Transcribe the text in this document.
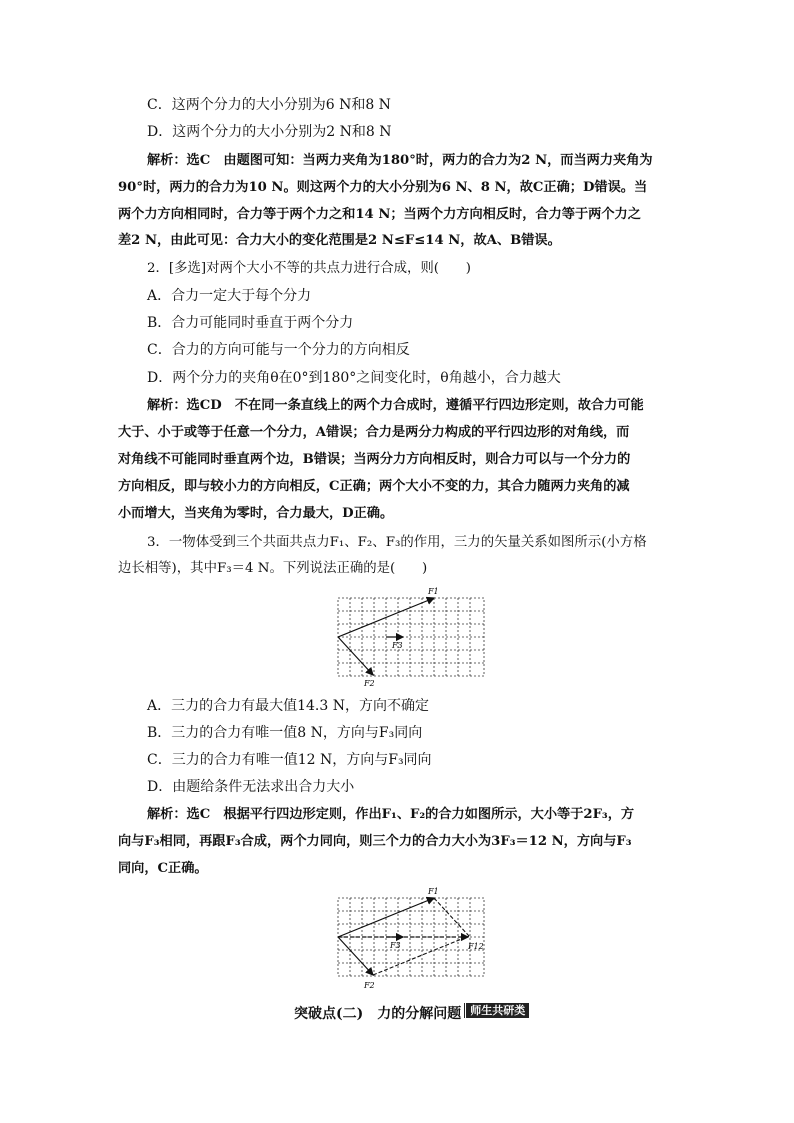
C．这两个分力的大小分别为6 N和8 N
D．这两个分力的大小分别为2 N和8 N
解析：选C　由题图可知：当两力夹角为180°时，两力的合力为2 N，而当两力夹角为
90°时，两力的合力为10 N。则这两个力的大小分别为6 N、8 N，故C正确；D错误。当
两个力方向相同时，合力等于两个力之和14 N；当两个力方向相反时，合力等于两个力之
差2 N，由此可见：合力大小的变化范围是2 N≤F≤14 N，故A、B错误。
2．[多选]对两个大小不等的共点力进行合成，则(　　)
A．合力一定大于每个分力
B．合力可能同时垂直于两个分力
C．合力的方向可能与一个分力的方向相反
D．两个分力的夹角θ在0°到180°之间变化时，θ角越小，合力越大
解析：选CD　不在同一条直线上的两个力合成时，遵循平行四边形定则，故合力可能
大于、小于或等于任意一个分力，A错误；合力是两分力构成的平行四边形的对角线，而
对角线不可能同时垂直两个边，B错误；当两分力方向相反时，则合力可以与一个分力的
方向相反，即与较小力的方向相反，C正确；两个大小不变的力，其合力随两力夹角的减
小而增大，当夹角为零时，合力最大，D正确。
3．一物体受到三个共面共点力F₁、F₂、F₃的作用，三力的矢量关系如图所示(小方格
边长相等)，其中F₃＝4 N。下列说法正确的是(　　)
F1
F2
F3
A．三力的合力有最大值14.3 N，方向不确定
B．三力的合力有唯一值8 N，方向与F₃同向
C．三力的合力有唯一值12 N，方向与F₃同向
D．由题给条件无法求出合力大小
解析：选C　根据平行四边形定则，作出F₁、F₂的合力如图所示，大小等于2F₃，方
向与F₃相同，再跟F₃合成，两个力同向，则三个力的合力大小为3F₃＝12 N，方向与F₃
同向，C正确。
F1
F2
F3	F12
突破点(二)　力的分解问题 师生共研类
